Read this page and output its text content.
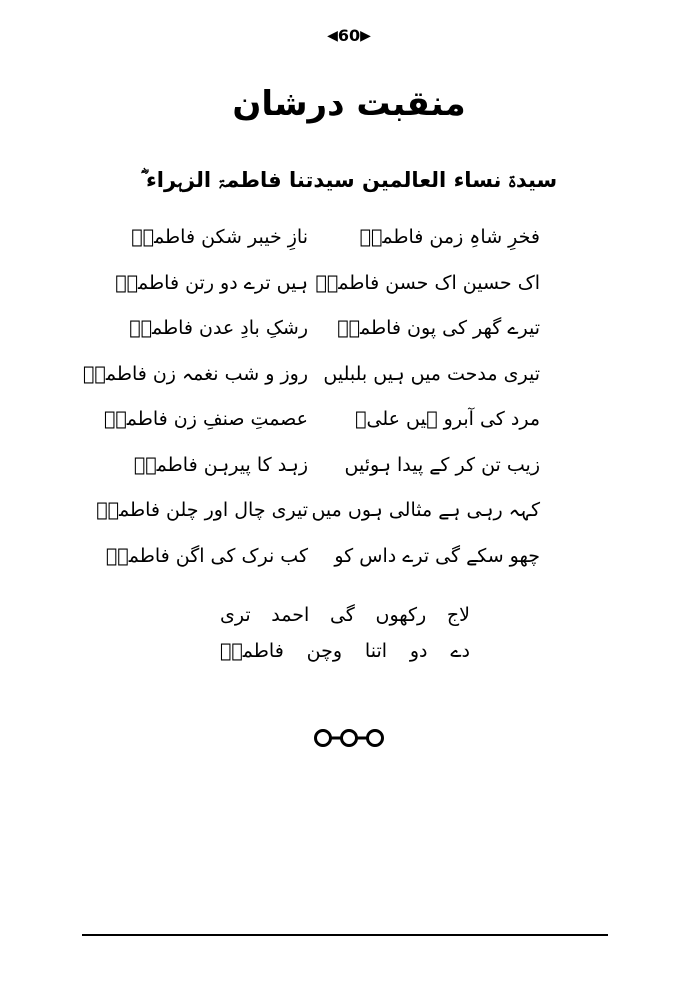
◀60▶
منقبت درشان
سیدۃ نساء العالمین سیدتنا فاطمۃ الزہراء ؓ
فخرِ شاہِ زمن فاطمہؓ
نازِ خیبر شکن فاطمہؓ
اک حسین اک حسن فاطمہؓ
ہیں ترے دو رتن فاطمہؓ
تیرے گھر کی پون فاطمہؓ
رشکِ بادِ عدن فاطمہؓ
تیری مدحت میں ہیں بلبلیں
روز و شب نغمہ زن فاطمہؓ
مرد کی آبرو ہیں علیؓ
عصمتِ صنفِ زن فاطمہؓ
زیب تن کر کے پیدا ہوئیں
زہد کا پیرہن فاطمہؓ
کہہ رہی ہے مثالی ہوں میں
تیری چال اور چلن فاطمہؓ
چھو سکے گی ترے داس کو
کب نرک کی اگن فاطمہؓ
لاج رکھوں گی احمد تری
دے دو اتنا وچن فاطمہؓ
